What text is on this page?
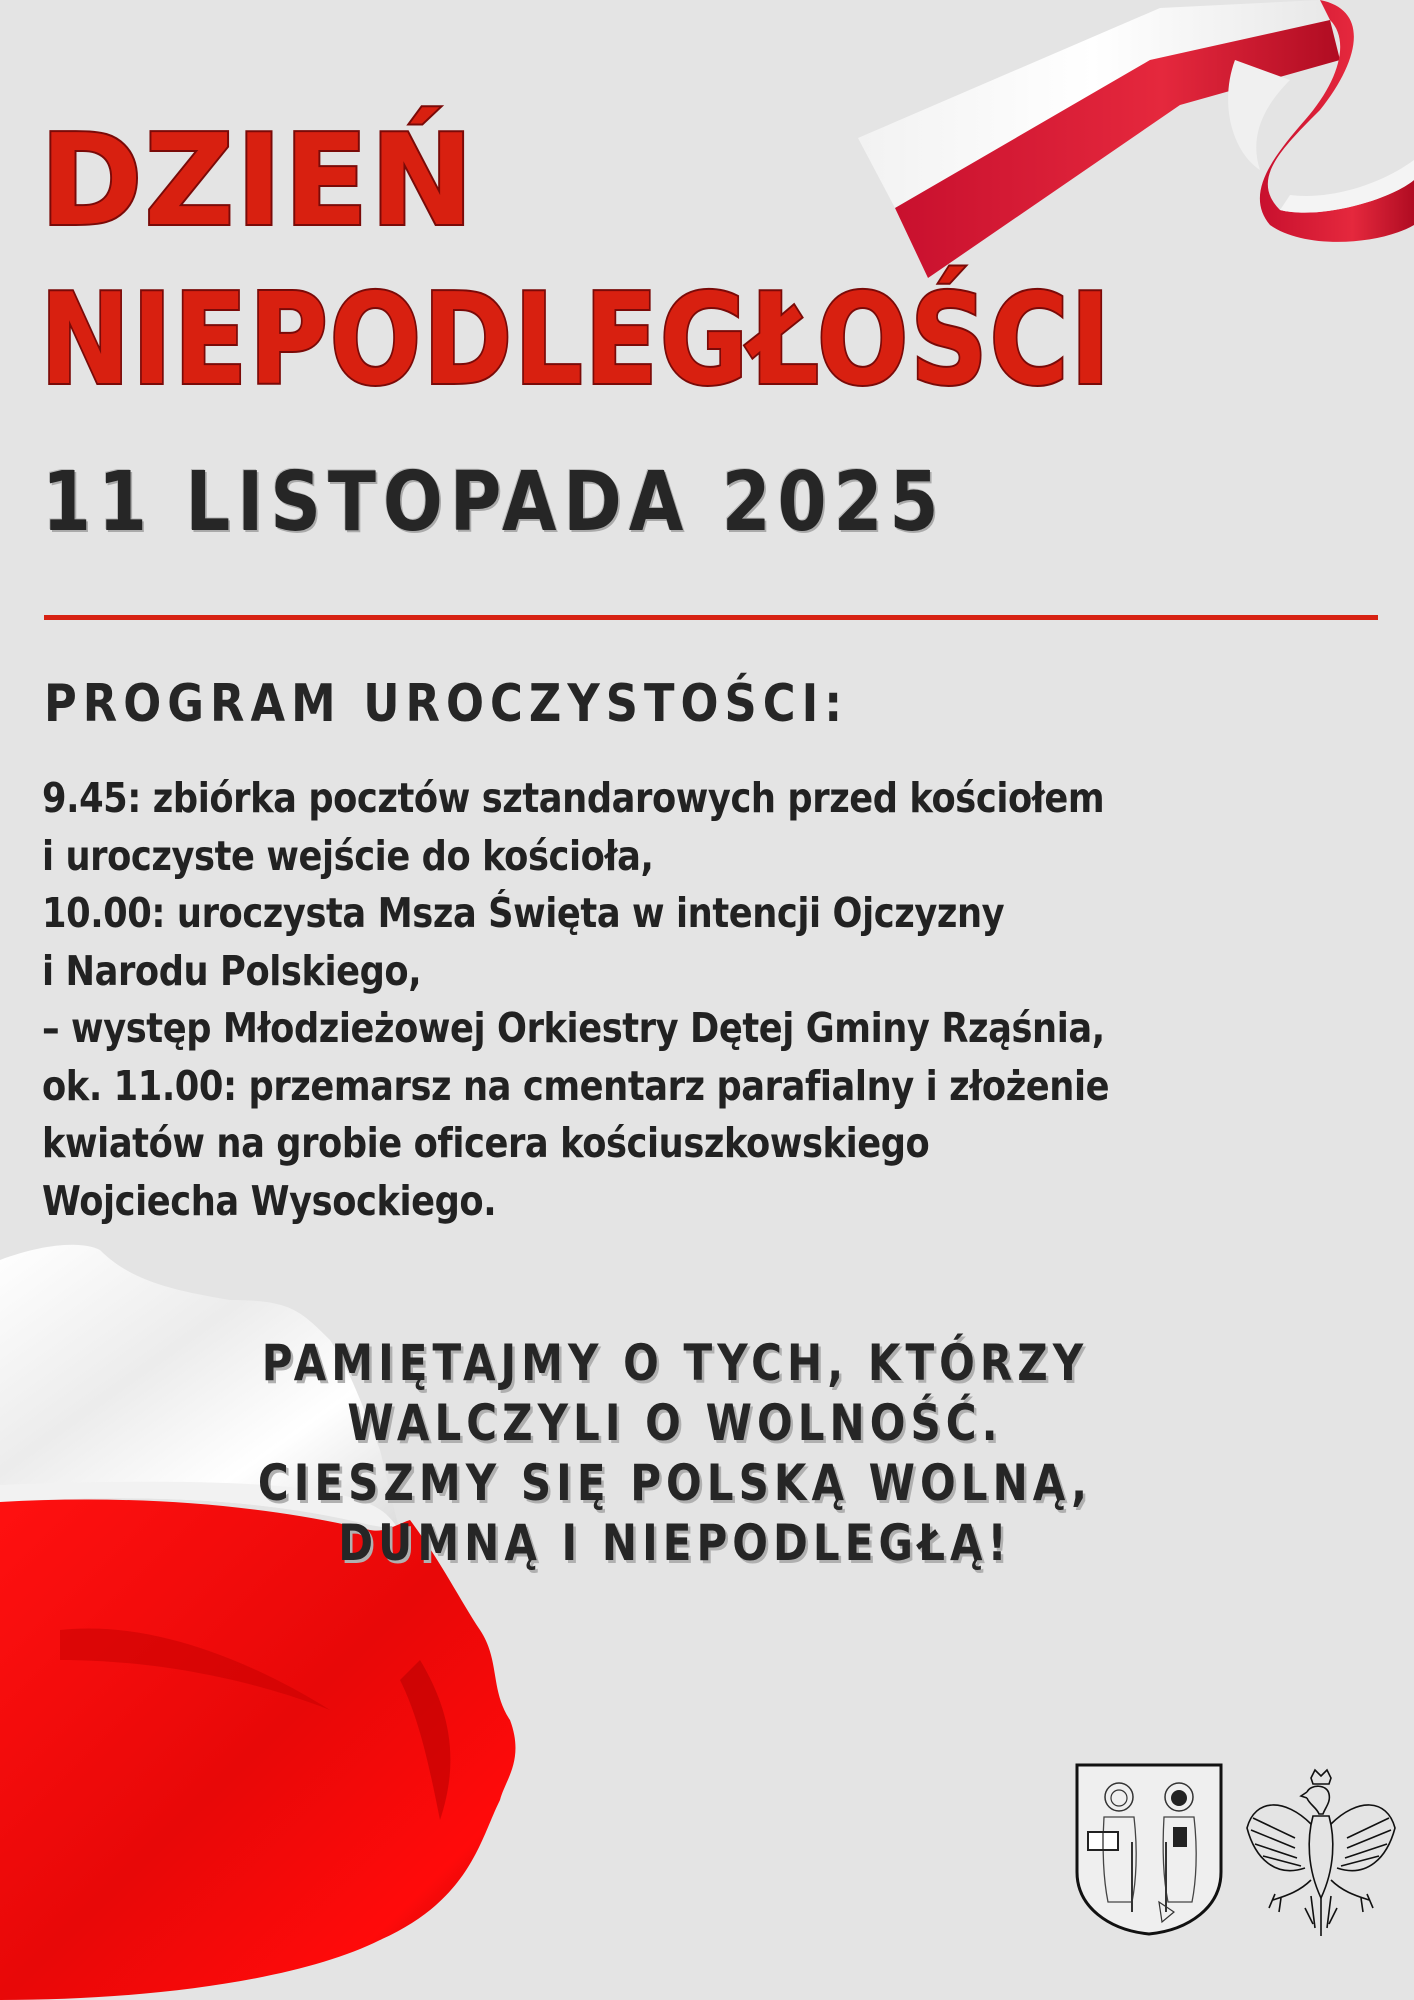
DZIEŃ
NIEPODLEGŁOŚCI
11 LISTOPADA 2025
PROGRAM UROCZYSTOŚCI:
9.45: zbiórka pocztów sztandarowych przed kościołem
i uroczyste wejście do kościoła,
10.00: uroczysta Msza Święta w intencji Ojczyzny
i Narodu Polskiego,
– występ Młodzieżowej Orkiestry Dętej Gminy Rząśnia,
ok. 11.00: przemarsz na cmentarz parafialny i złożenie
kwiatów na grobie oficera kościuszkowskiego
Wojciecha Wysockiego.
PAMIĘTAJMY O TYCH, KTÓRZY
WALCZYLI O WOLNOŚĆ.
CIESZMY SIĘ POLSKĄ WOLNĄ,
DUMNĄ I NIEPODLEGŁĄ!
